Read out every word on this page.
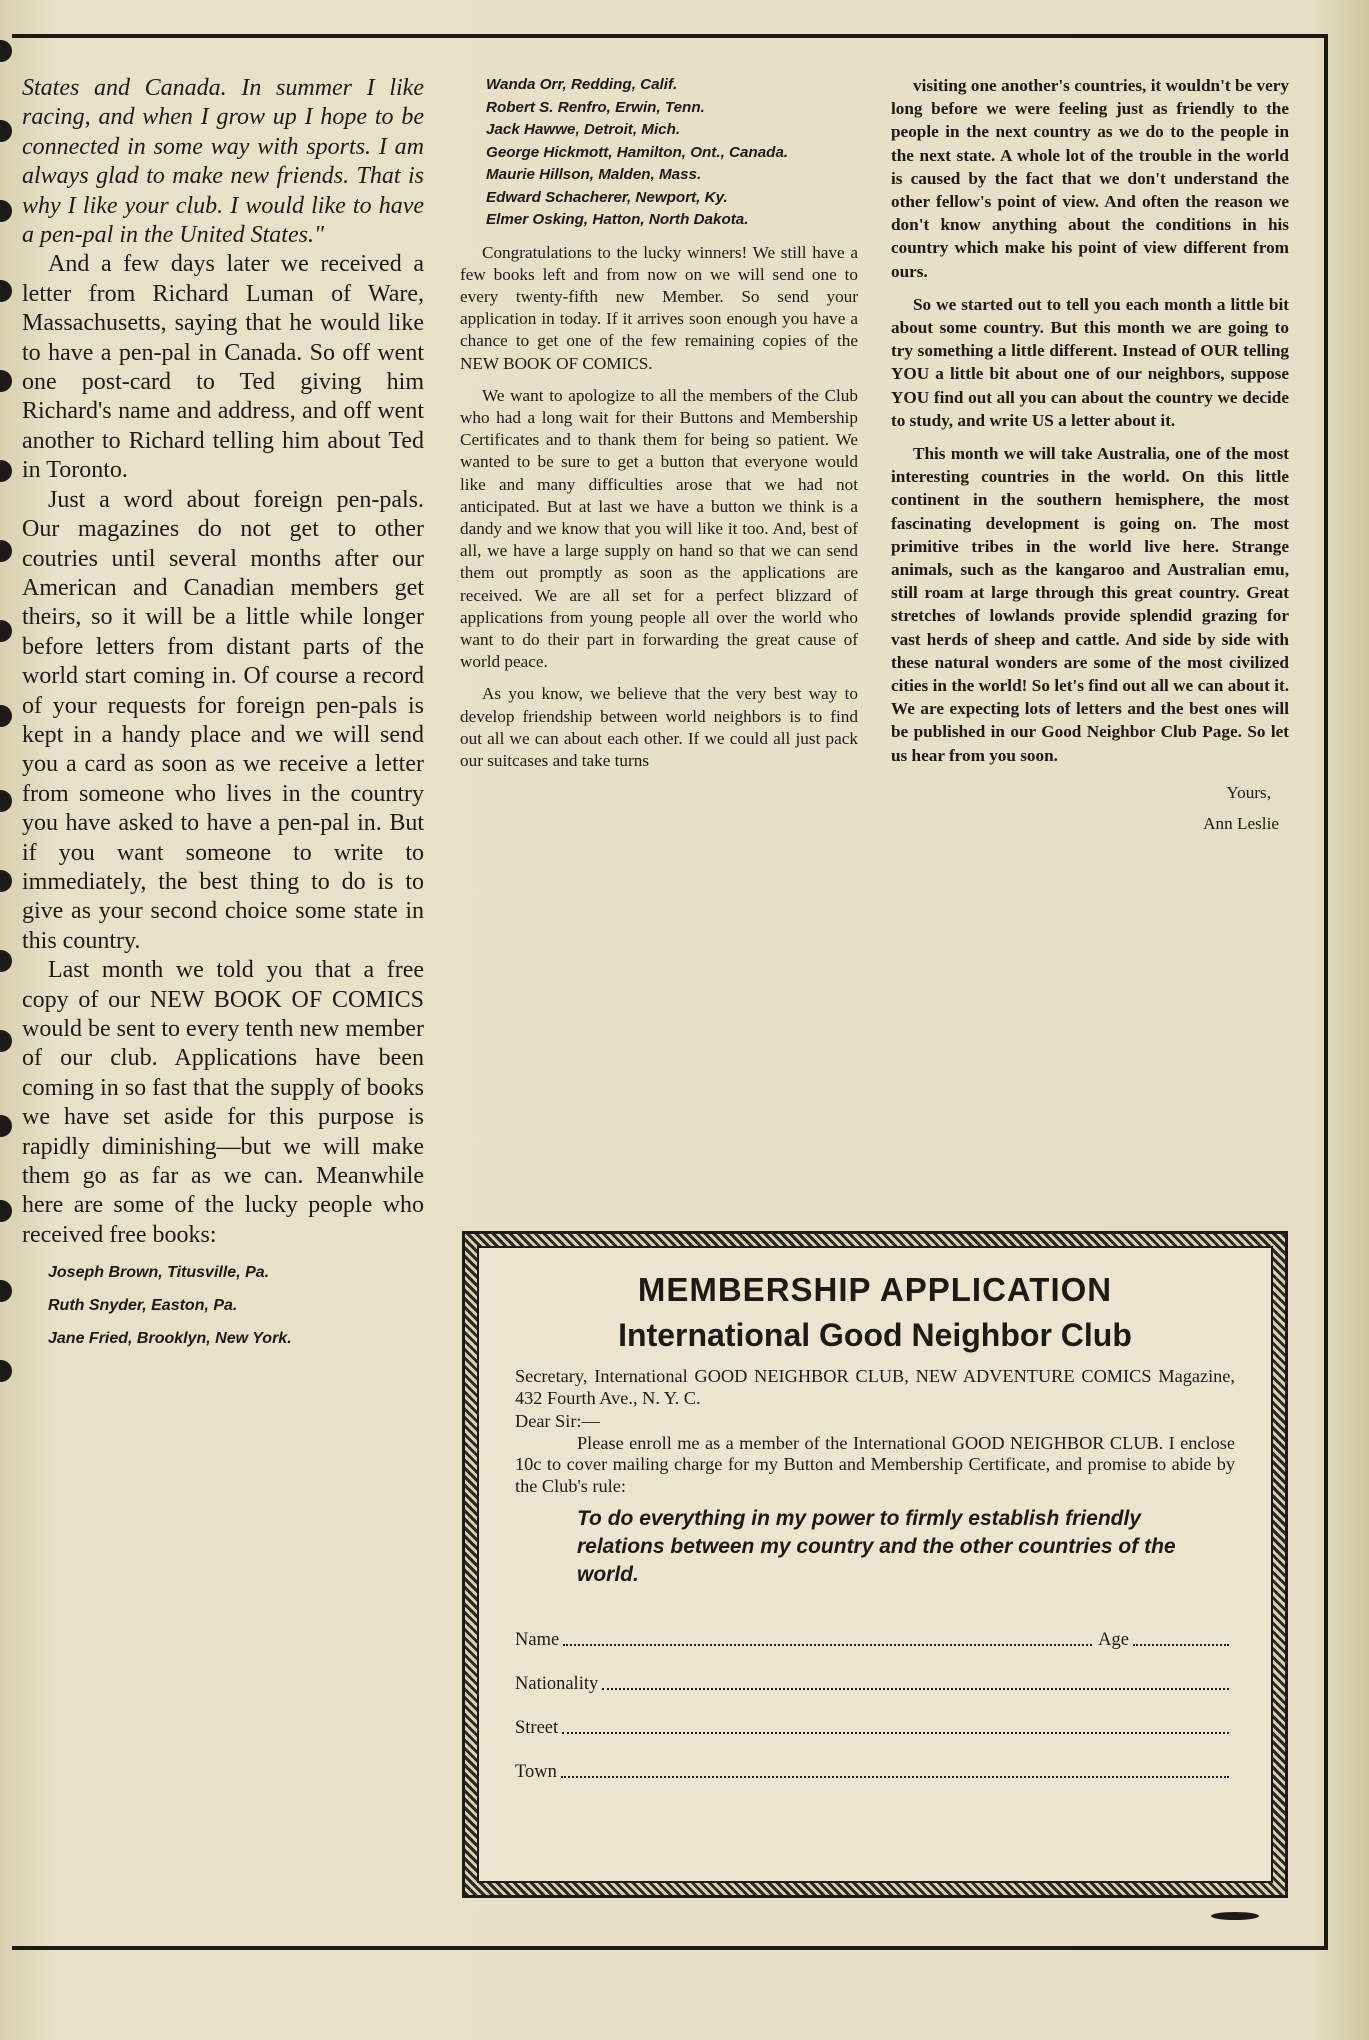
States and Canada. In summer I like racing, and when I grow up I hope to be connected in some way with sports. I am always glad to make new friends. That is why I like your club. I would like to have a pen-pal in the United States."

And a few days later we received a letter from Richard Luman of Ware, Massachusetts, saying that he would like to have a pen-pal in Canada. So off went one post-card to Ted giving him Richard's name and address, and off went another to Richard telling him about Ted in Toronto.

Just a word about foreign pen-pals. Our magazines do not get to other coutries until several months after our American and Canadian members get theirs, so it will be a little while longer before letters from distant parts of the world start coming in. Of course a record of your requests for foreign pen-pals is kept in a handy place and we will send you a card as soon as we receive a letter from someone who lives in the country you have asked to have a pen-pal in. But if you want someone to write to immediately, the best thing to do is to give as your second choice some state in this country.

Last month we told you that a free copy of our NEW BOOK OF COMICS would be sent to every tenth new member of our club. Applications have been coming in so fast that the supply of books we have set aside for this purpose is rapidly diminishing—but we will make them go as far as we can. Meanwhile here are some of the lucky people who received free books:

Joseph Brown, Titusville, Pa.
Ruth Snyder, Easton, Pa.
Jane Fried, Brooklyn, New York.
Wanda Orr, Redding, Calif.
Robert S. Renfro, Erwin, Tenn.
Jack Hawwe, Detroit, Mich.
George Hickmott, Hamilton, Ont., Canada.
Maurie Hillson, Malden, Mass.
Edward Schacherer, Newport, Ky.
Elmer Osking, Hatton, North Dakota.

Congratulations to the lucky winners! We still have a few books left and from now on we will send one to every twenty-fifth new Member. So send your application in today. If it arrives soon enough you have a chance to get one of the few remaining copies of the NEW BOOK OF COMICS.

We want to apologize to all the members of the Club who had a long wait for their Buttons and Membership Certificates and to thank them for being so patient. We wanted to be sure to get a button that everyone would like and many difficulties arose that we had not anticipated. But at last we have a button we think is a dandy and we know that you will like it too. And, best of all, we have a large supply on hand so that we can send them out promptly as soon as the applications are received. We are all set for a perfect blizzard of applications from young people all over the world who want to do their part in forwarding the great cause of world peace.

As you know, we believe that the very best way to develop friendship between world neighbors is to find out all we can about each other. If we could all just pack our suitcases and take turns

visiting one another's countries, it wouldn't be very long before we were feeling just as friendly to the people in the next country as we do to the people in the next state. A whole lot of the trouble in the world is caused by the fact that we don't understand the other fellow's point of view. And often the reason we don't know anything about the conditions in his country which make his point of view different from ours.

So we started out to tell you each month a little bit about some country. But this month we are going to try something a little different. Instead of OUR telling YOU a little bit about one of our neighbors, suppose YOU find out all you can about the country we decide to study, and write US a letter about it.

This month we will take Australia, one of the most interesting countries in the world. On this little continent in the southern hemisphere, the most fascinating development is going on. The most primitive tribes in the world live here. Strange animals, such as the kangaroo and Australian emu, still roam at large through this great country. Great stretches of lowlands provide splendid grazing for vast herds of sheep and cattle. And side by side with these natural wonders are some of the most civilized cities in the world! So let's find out all we can about it. We are expecting lots of letters and the best ones will be published in our Good Neighbor Club Page. So let us hear from you soon.

Yours,
Ann Leslie
MEMBERSHIP APPLICATION
International Good Neighbor Club

Secretary, International GOOD NEIGHBOR CLUB, NEW ADVENTURE COMICS Magazine, 432 Fourth Ave., N. Y. C.

Dear Sir:—

Please enroll me as a member of the International GOOD NEIGHBOR CLUB. I enclose 10c to cover mailing charge for my Button and Membership Certificate, and promise to abide by the Club's rule:

To do everything in my power to firmly establish friendly relations between my country and the other countries of the world.

Name	Age
Nationality
Street
Town
